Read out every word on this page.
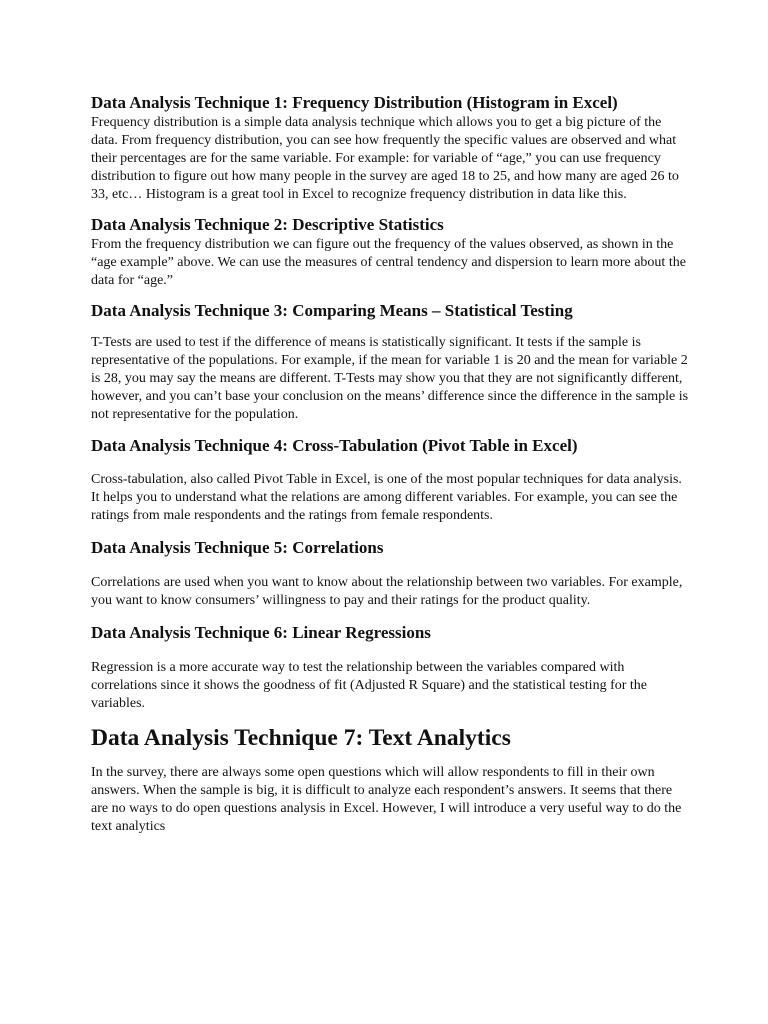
Data Analysis Technique 1: Frequency Distribution (Histogram in Excel)

Frequency distribution is a simple data analysis technique which allows you to get a big picture of the data. From frequency distribution, you can see how frequently the specific values are observed and what their percentages are for the same variable. For example: for variable of “age,” you can use frequency distribution to figure out how many people in the survey are aged 18 to 25, and how many are aged 26 to 33, etc… Histogram is a great tool in Excel to recognize frequency distribution in data like this.

Data Analysis Technique 2: Descriptive Statistics

From the frequency distribution we can figure out the frequency of the values observed, as shown in the “age example” above. We can use the measures of central tendency and dispersion to learn more about the data for “age.”

Data Analysis Technique 3: Comparing Means – Statistical Testing

T-Tests are used to test if the difference of means is statistically significant. It tests if the sample is representative of the populations. For example, if the mean for variable 1 is 20 and the mean for variable 2 is 28, you may say the means are different. T-Tests may show you that they are not significantly different, however, and you can’t base your conclusion on the means’ difference since the difference in the sample is not representative for the population.

Data Analysis Technique 4: Cross-Tabulation (Pivot Table in Excel)

Cross-tabulation, also called Pivot Table in Excel, is one of the most popular techniques for data analysis. It helps you to understand what the relations are among different variables. For example, you can see the ratings from male respondents and the ratings from female respondents.

Data Analysis Technique 5: Correlations

Correlations are used when you want to know about the relationship between two variables. For example, you want to know consumers’ willingness to pay and their ratings for the product quality.

Data Analysis Technique 6: Linear Regressions

Regression is a more accurate way to test the relationship between the variables compared with correlations since it shows the goodness of fit (Adjusted R Square) and the statistical testing for the variables.

Data Analysis Technique 7: Text Analytics

In the survey, there are always some open questions which will allow respondents to fill in their own answers. When the sample is big, it is difficult to analyze each respondent’s answers. It seems that there are no ways to do open questions analysis in Excel. However, I will introduce a very useful way to do the text analytics
